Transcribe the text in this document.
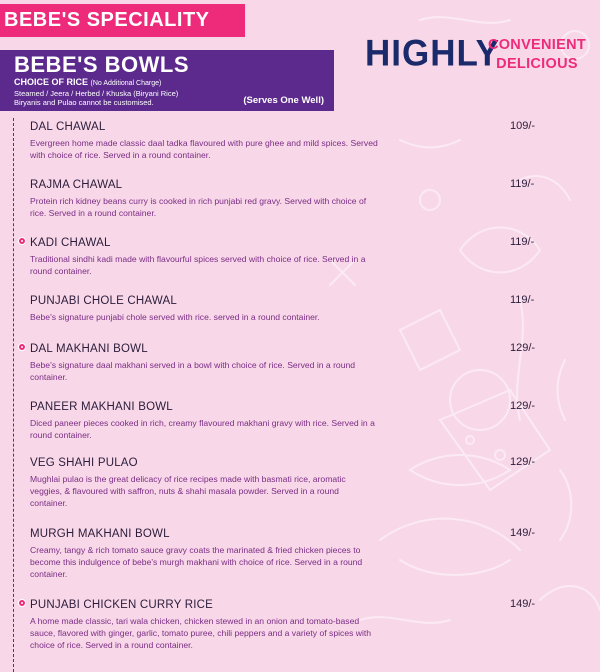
BEBE'S SPECIALITY
BEBE'S BOWLS
CHOICE OF RICE (No Additional Charge)
Steamed / Jeera / Herbed / Khuska (Biryani Rice)
Biryanis and Pulao cannot be customised.	(Serves One Well)
HIGHLY
CONVENIENT
DELICIOUS
DAL CHAWAL
Evergreen home made classic daal tadka flavoured with pure ghee and mild spices. Served with choice of rice. Served in a round container.
109/-
RAJMA CHAWAL
Protein rich kidney beans curry is cooked in rich punjabi red gravy. Served with choice of rice. Served in a round container.
119/-
KADI CHAWAL
Traditional sindhi kadi made with flavourful spices served with choice of rice. Served in a round container.
119/-
PUNJABI CHOLE CHAWAL
Bebe's signature punjabi chole served with rice. served in a round container.
119/-
DAL MAKHANI BOWL
Bebe's signature daal makhani served in a bowl with choice of rice. Served in a round container.
129/-
PANEER MAKHANI BOWL
Diced paneer pieces cooked in rich, creamy flavoured makhani gravy with rice. Served in a round container.
129/-
VEG SHAHI PULAO
Mughlai pulao is the great delicacy of rice recipes made with basmati rice, aromatic veggies, & flavoured with saffron, nuts & shahi masala powder. Served in a round container.
129/-
MURGH MAKHANI BOWL
Creamy, tangy & rich tomato sauce gravy coats the marinated & fried chicken pieces to become this indulgence of bebe's murgh makhani with choice of rice. Served in a round container.
149/-
PUNJABI CHICKEN CURRY RICE
A home made classic, tari wala chicken, chicken stewed in an onion and tomato-based sauce, flavored with ginger, garlic, tomato puree, chili peppers and a variety of spices with choice of rice. Served in a round container.
149/-
